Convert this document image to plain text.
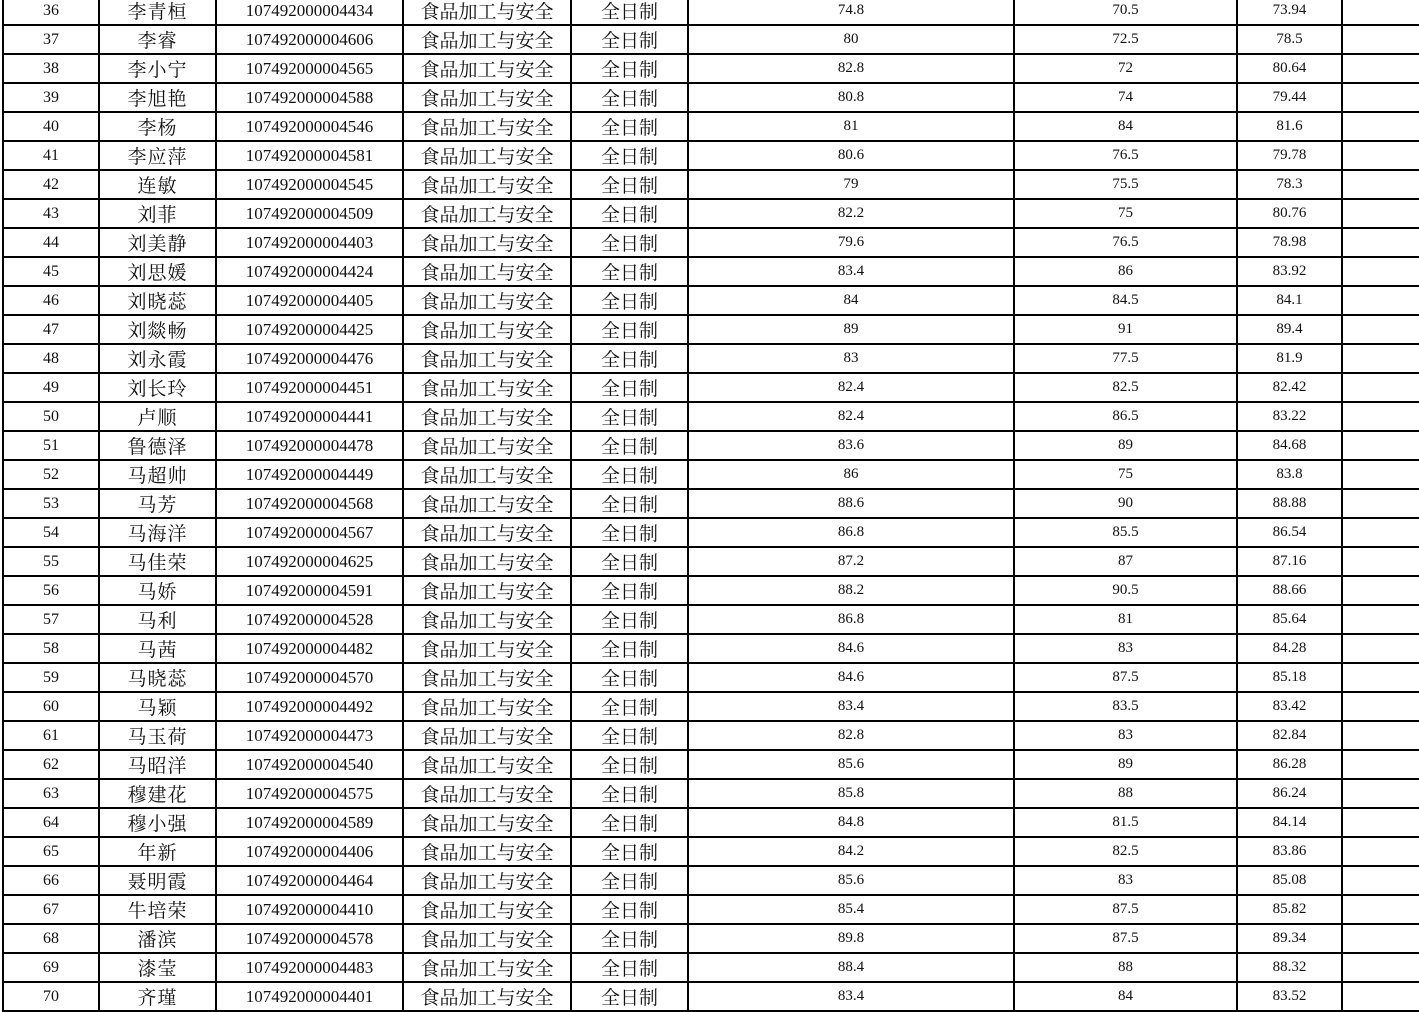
36	李青桓	107492000004434	食品加工与安全	全日制	74.8	70.5	73.94	
37	李睿	107492000004606	食品加工与安全	全日制	80	72.5	78.5	
38	李小宁	107492000004565	食品加工与安全	全日制	82.8	72	80.64	
39	李旭艳	107492000004588	食品加工与安全	全日制	80.8	74	79.44	
40	李杨	107492000004546	食品加工与安全	全日制	81	84	81.6	
41	李应萍	107492000004581	食品加工与安全	全日制	80.6	76.5	79.78	
42	连敏	107492000004545	食品加工与安全	全日制	79	75.5	78.3	
43	刘菲	107492000004509	食品加工与安全	全日制	82.2	75	80.76	
44	刘美静	107492000004403	食品加工与安全	全日制	79.6	76.5	78.98	
45	刘思媛	107492000004424	食品加工与安全	全日制	83.4	86	83.92	
46	刘晓蕊	107492000004405	食品加工与安全	全日制	84	84.5	84.1	
47	刘燚畅	107492000004425	食品加工与安全	全日制	89	91	89.4	
48	刘永霞	107492000004476	食品加工与安全	全日制	83	77.5	81.9	
49	刘长玲	107492000004451	食品加工与安全	全日制	82.4	82.5	82.42	
50	卢顺	107492000004441	食品加工与安全	全日制	82.4	86.5	83.22	
51	鲁德泽	107492000004478	食品加工与安全	全日制	83.6	89	84.68	
52	马超帅	107492000004449	食品加工与安全	全日制	86	75	83.8	
53	马芳	107492000004568	食品加工与安全	全日制	88.6	90	88.88	
54	马海洋	107492000004567	食品加工与安全	全日制	86.8	85.5	86.54	
55	马佳荣	107492000004625	食品加工与安全	全日制	87.2	87	87.16	
56	马娇	107492000004591	食品加工与安全	全日制	88.2	90.5	88.66	
57	马利	107492000004528	食品加工与安全	全日制	86.8	81	85.64	
58	马茜	107492000004482	食品加工与安全	全日制	84.6	83	84.28	
59	马晓蕊	107492000004570	食品加工与安全	全日制	84.6	87.5	85.18	
60	马颖	107492000004492	食品加工与安全	全日制	83.4	83.5	83.42	
61	马玉荷	107492000004473	食品加工与安全	全日制	82.8	83	82.84	
62	马昭洋	107492000004540	食品加工与安全	全日制	85.6	89	86.28	
63	穆建花	107492000004575	食品加工与安全	全日制	85.8	88	86.24	
64	穆小强	107492000004589	食品加工与安全	全日制	84.8	81.5	84.14	
65	年新	107492000004406	食品加工与安全	全日制	84.2	82.5	83.86	
66	聂明霞	107492000004464	食品加工与安全	全日制	85.6	83	85.08	
67	牛培荣	107492000004410	食品加工与安全	全日制	85.4	87.5	85.82	
68	潘滨	107492000004578	食品加工与安全	全日制	89.8	87.5	89.34	
69	漆莹	107492000004483	食品加工与安全	全日制	88.4	88	88.32	
70	齐瑾	107492000004401	食品加工与安全	全日制	83.4	84	83.52	
